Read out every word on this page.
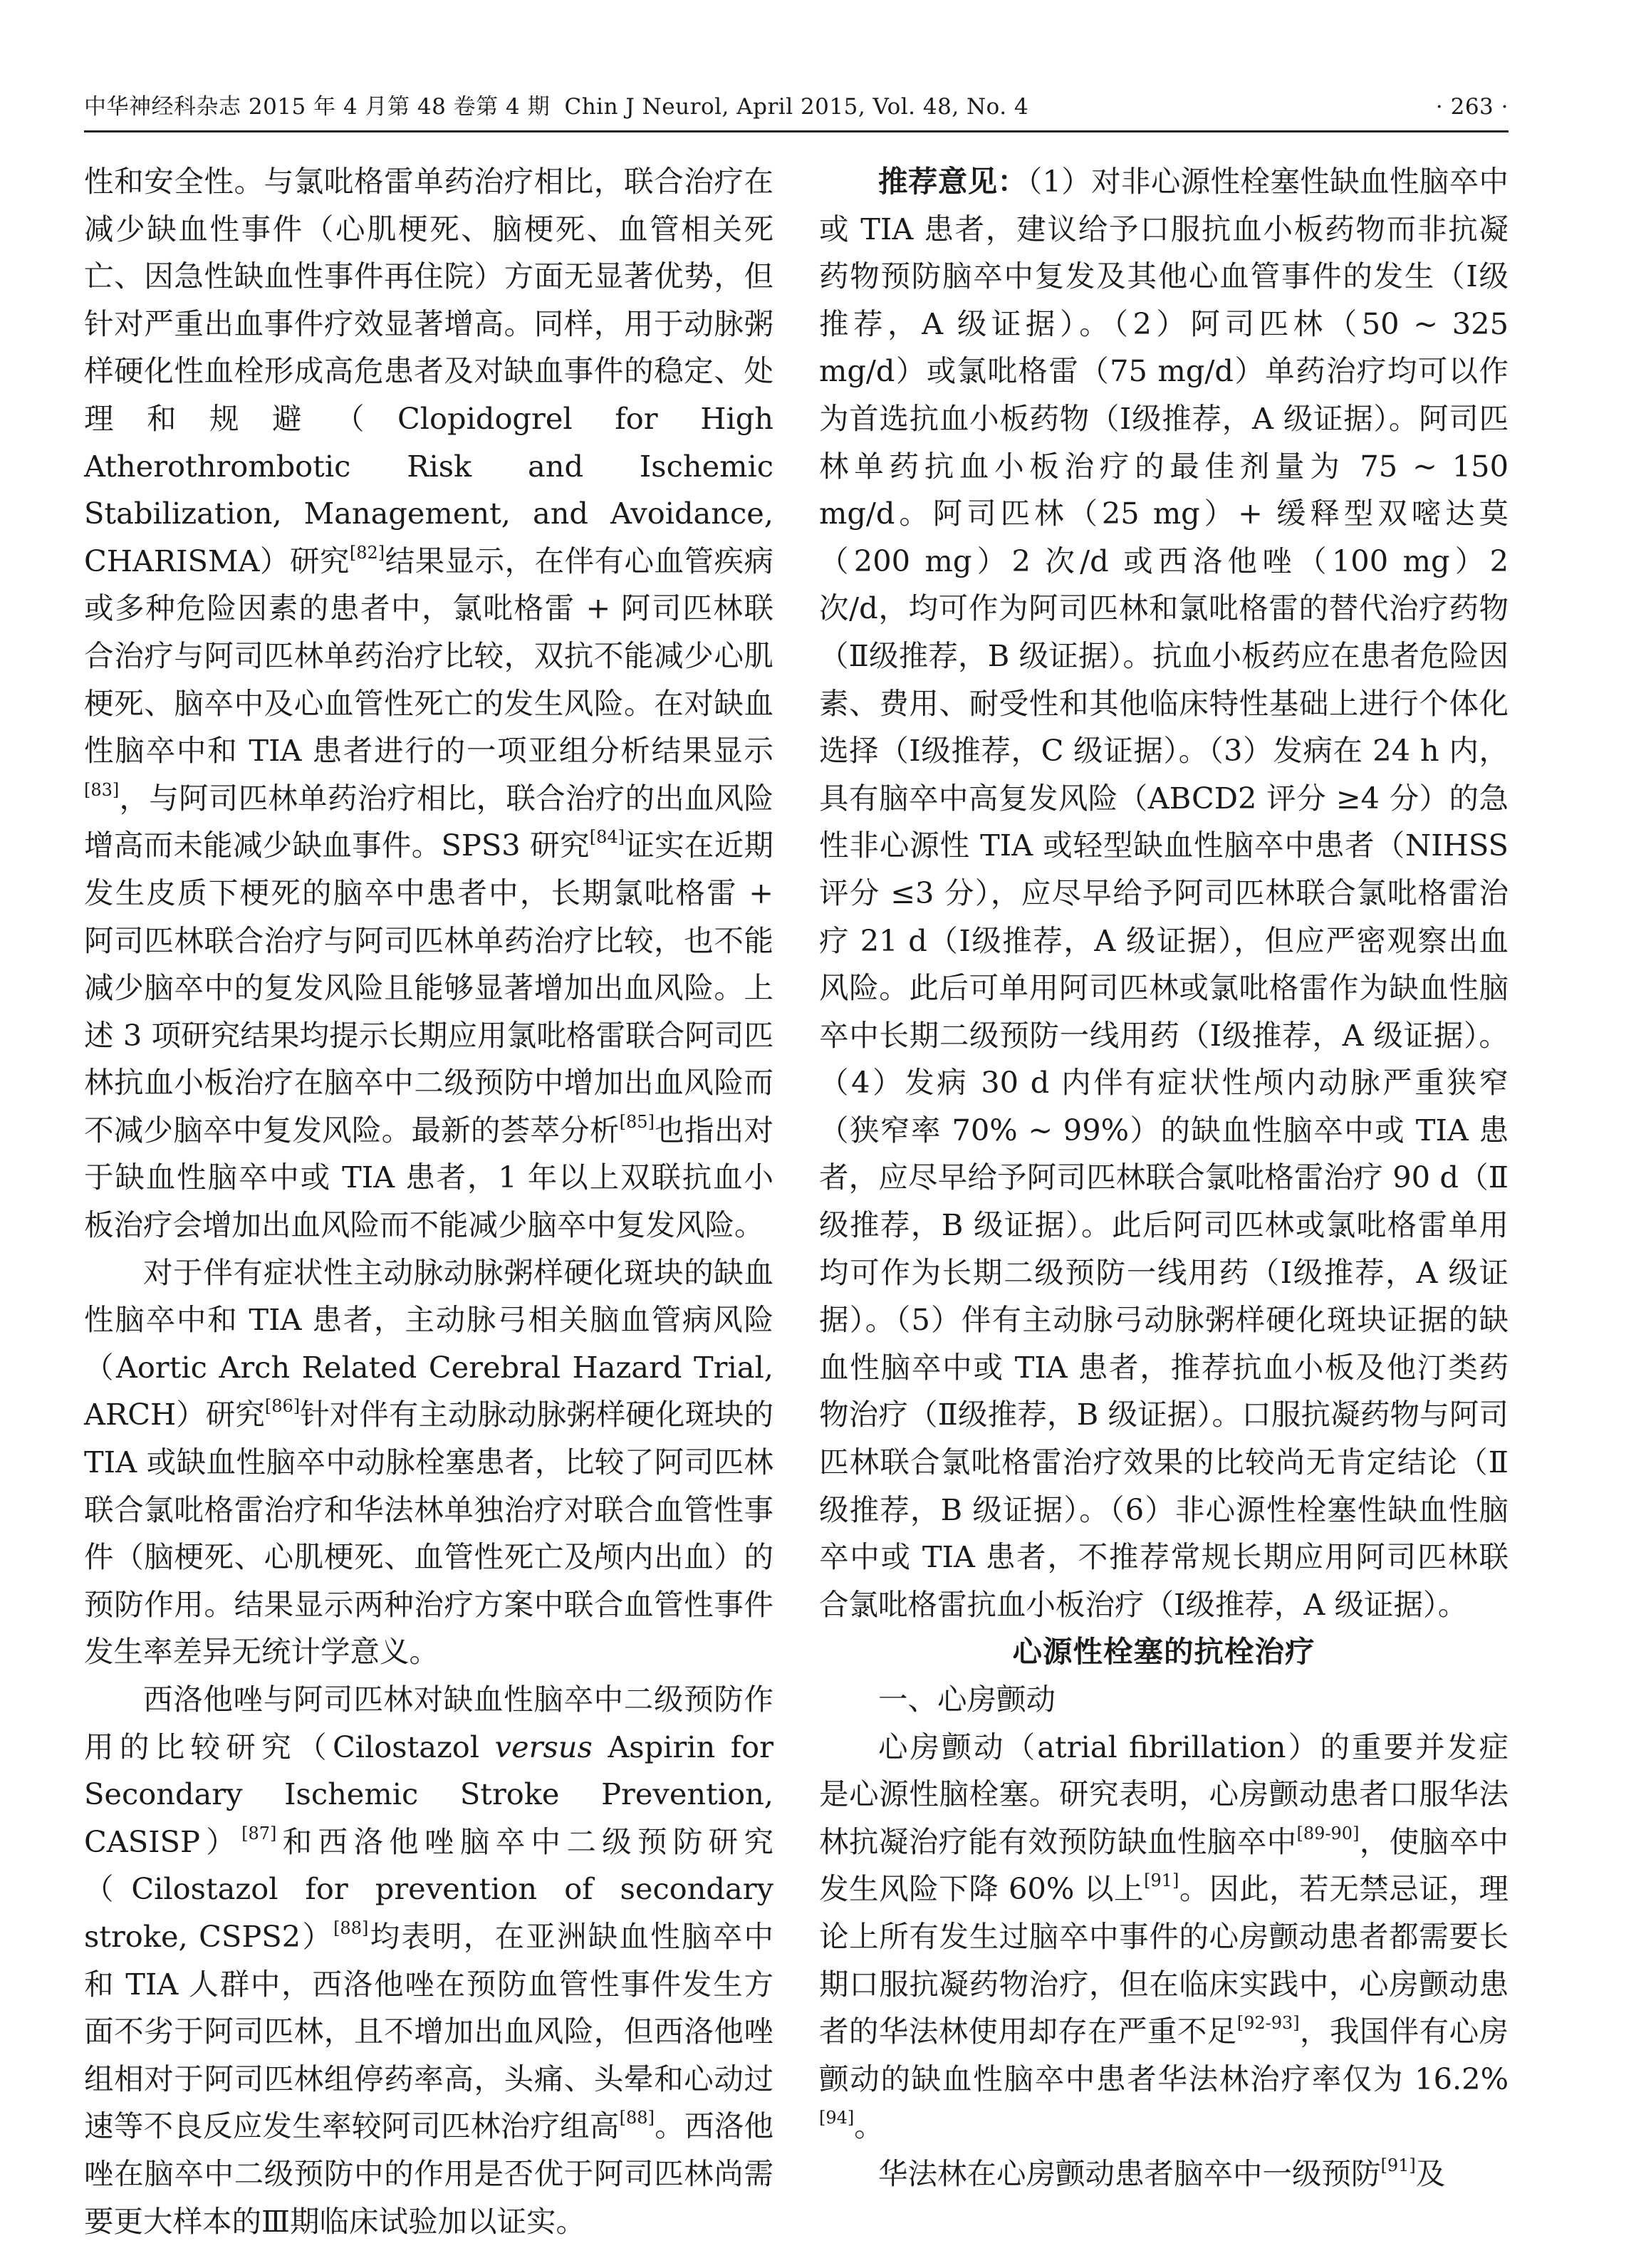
中华神经科杂志 2015 年 4 月第 48 卷第 4 期 Chin J Neurol, April 2015, Vol. 48, No. 4	· 263 ·

性和安全性。与氯吡格雷单药治疗相比，联合治疗在减少缺血性事件（心肌梗死、脑梗死、血管相关死亡、因急性缺血性事件再住院）方面无显著优势，但针对严重出血事件疗效显著增高。同样，用于动脉粥样硬化性血栓形成高危患者及对缺血事件的稳定、处理和规避（Clopidogrel for High Atherothrombotic Risk and Ischemic Stabilization, Management, and Avoidance, CHARISMA）研究[82]结果显示，在伴有心血管疾病或多种危险因素的患者中，氯吡格雷 + 阿司匹林联合治疗与阿司匹林单药治疗比较，双抗不能减少心肌梗死、脑卒中及心血管性死亡的发生风险。在对缺血性脑卒中和 TIA 患者进行的一项亚组分析结果显示[83]，与阿司匹林单药治疗相比，联合治疗的出血风险增高而未能减少缺血事件。SPS3 研究[84]证实在近期发生皮质下梗死的脑卒中患者中，长期氯吡格雷 + 阿司匹林联合治疗与阿司匹林单药治疗比较，也不能减少脑卒中的复发风险且能够显著增加出血风险。上述 3 项研究结果均提示长期应用氯吡格雷联合阿司匹林抗血小板治疗在脑卒中二级预防中增加出血风险而不减少脑卒中复发风险。最新的荟萃分析[85]也指出对于缺血性脑卒中或 TIA 患者，1 年以上双联抗血小板治疗会增加出血风险而不能减少脑卒中复发风险。

对于伴有症状性主动脉动脉粥样硬化斑块的缺血性脑卒中和 TIA 患者，主动脉弓相关脑血管病风险（Aortic Arch Related Cerebral Hazard Trial, ARCH）研究[86]针对伴有主动脉动脉粥样硬化斑块的 TIA 或缺血性脑卒中动脉栓塞患者，比较了阿司匹林联合氯吡格雷治疗和华法林单独治疗对联合血管性事件（脑梗死、心肌梗死、血管性死亡及颅内出血）的预防作用。结果显示两种治疗方案中联合血管性事件发生率差异无统计学意义。

西洛他唑与阿司匹林对缺血性脑卒中二级预防作用的比较研究（Cilostazol versus Aspirin for Secondary Ischemic Stroke Prevention, CASISP）[87]和西洛他唑脑卒中二级预防研究（Cilostazol for prevention of secondary stroke, CSPS2）[88]均表明，在亚洲缺血性脑卒中和 TIA 人群中，西洛他唑在预防血管性事件发生方面不劣于阿司匹林，且不增加出血风险，但西洛他唑组相对于阿司匹林组停药率高，头痛、头晕和心动过速等不良反应发生率较阿司匹林治疗组高[88]。西洛他唑在脑卒中二级预防中的作用是否优于阿司匹林尚需要更大样本的Ⅲ期临床试验加以证实。

推荐意见：（1）对非心源性栓塞性缺血性脑卒中或 TIA 患者，建议给予口服抗血小板药物而非抗凝药物预防脑卒中复发及其他心血管事件的发生（Ⅰ级推荐，A 级证据）。（2）阿司匹林（50 ~ 325 mg/d）或氯吡格雷（75 mg/d）单药治疗均可以作为首选抗血小板药物（Ⅰ级推荐，A 级证据）。阿司匹林单药抗血小板治疗的最佳剂量为 75 ~ 150 mg/d。阿司匹林（25 mg）+ 缓释型双嘧达莫（200 mg）2 次/d 或西洛他唑（100 mg）2 次/d，均可作为阿司匹林和氯吡格雷的替代治疗药物（Ⅱ级推荐，B 级证据）。抗血小板药应在患者危险因素、费用、耐受性和其他临床特性基础上进行个体化选择（Ⅰ级推荐，C 级证据）。（3）发病在 24 h 内，具有脑卒中高复发风险（ABCD2 评分 ≥4 分）的急性非心源性 TIA 或轻型缺血性脑卒中患者（NIHSS 评分 ≤3 分），应尽早给予阿司匹林联合氯吡格雷治疗 21 d（Ⅰ级推荐，A 级证据），但应严密观察出血风险。此后可单用阿司匹林或氯吡格雷作为缺血性脑卒中长期二级预防一线用药（Ⅰ级推荐，A 级证据）。（4）发病 30 d 内伴有症状性颅内动脉严重狭窄（狭窄率 70% ~ 99%）的缺血性脑卒中或 TIA 患者，应尽早给予阿司匹林联合氯吡格雷治疗 90 d（Ⅱ级推荐，B 级证据）。此后阿司匹林或氯吡格雷单用均可作为长期二级预防一线用药（Ⅰ级推荐，A 级证据）。（5）伴有主动脉弓动脉粥样硬化斑块证据的缺血性脑卒中或 TIA 患者，推荐抗血小板及他汀类药物治疗（Ⅱ级推荐，B 级证据）。口服抗凝药物与阿司匹林联合氯吡格雷治疗效果的比较尚无肯定结论（Ⅱ级推荐，B 级证据）。（6）非心源性栓塞性缺血性脑卒中或 TIA 患者，不推荐常规长期应用阿司匹林联合氯吡格雷抗血小板治疗（Ⅰ级推荐，A 级证据）。

心源性栓塞的抗栓治疗

一、心房颤动

心房颤动（atrial fibrillation）的重要并发症是心源性脑栓塞。研究表明，心房颤动患者口服华法林抗凝治疗能有效预防缺血性脑卒中[89-90]，使脑卒中发生风险下降 60% 以上[91]。因此，若无禁忌证，理论上所有发生过脑卒中事件的心房颤动患者都需要长期口服抗凝药物治疗，但在临床实践中，心房颤动患者的华法林使用却存在严重不足[92-93]，我国伴有心房颤动的缺血性脑卒中患者华法林治疗率仅为 16.2%[94]。

华法林在心房颤动患者脑卒中一级预防[91]及
